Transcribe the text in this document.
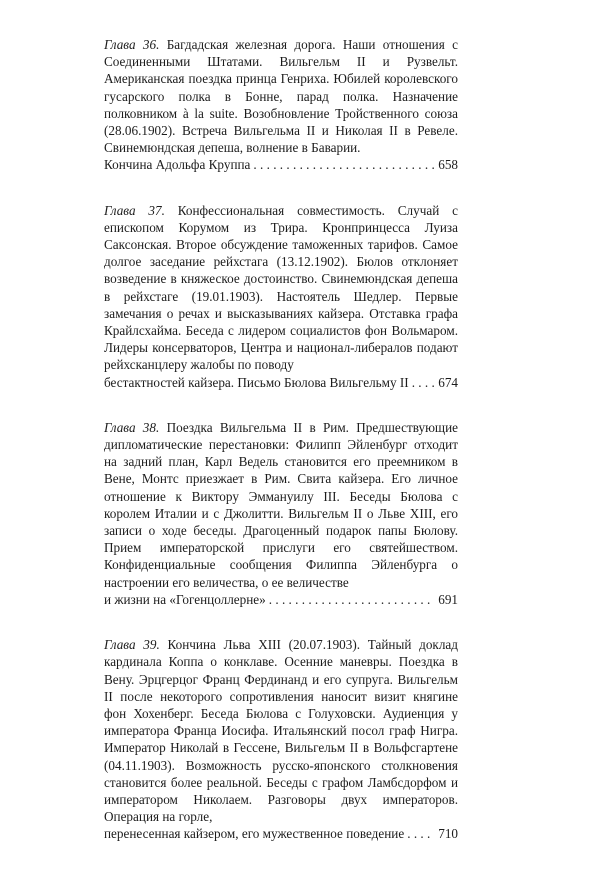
Глава 36. Багдадская железная дорога. Наши отношения с Соединенными Штатами. Вильгельм II и Рузвельт. Американская поездка принца Генриха. Юбилей королевского гусарского полка в Бонне, парад полка. Назначение полковником à la suite. Возобновление Тройственного союза (28.06.1902). Встреча Вильгельма II и Николая II в Ревеле. Свинемюндская депеша, волнение в Баварии.
Кончина Адольфа Круппа . . .	658
Глава 37. Конфессиональная совместимость. Случай с епископом Корумом из Трира. Кронпринцесса Луиза Саксонская. Второе обсуждение таможенных тарифов. Самое долгое заседание рейхстага (13.12.1902). Бюлов отклоняет возведение в княжеское достоинство. Свинемюндская депеша в рейхстаге (19.01.1903). Настоятель Шедлер. Первые замечания о речах и высказываниях кайзера. Отставка графа Крайлсхайма. Беседа с лидером социалистов фон Вольмаром. Лидеры консерваторов, Центра и национал-либералов подают рейхсканцлеру жалобы по поводу
бестактностей кайзера. Письмо Бюлова Вильгельму II . . .	674
Глава 38. Поездка Вильгельма II в Рим. Предшествующие дипломатические перестановки: Филипп Эйленбург отходит на задний план, Карл Ведель становится его преемником в Вене, Монтс приезжает в Рим. Свита кайзера. Его личное отношение к Виктору Эммануилу III. Беседы Бюлова с королем Италии и с Джолитти. Вильгельм II о Льве XIII, его записи о ходе беседы. Драгоценный подарок папы Бюлову. Прием императорской прислуги его святейшеством. Конфиденциальные сообщения Филиппа Эйленбурга о настроении его величества, о ее величестве
и жизни на «Гогенцоллерне» . . .	691
Глава 39. Кончина Льва XIII (20.07.1903). Тайный доклад кардинала Коппа о конклаве. Осенние маневры. Поездка в Вену. Эрцгерцог Франц Фердинанд и его супруга. Вильгельм II после некоторого сопротивления наносит визит княгине фон Хохенберг. Беседа Бюлова с Голуховски. Аудиенция у императора Франца Иосифа. Итальянский посол граф Нигра. Император Николай в Гессене, Вильгельм II в Вольфсгартене (04.11.1903). Возможность русско-японского столкновения становится более реальной. Беседы с графом Ламбсдорфом и императором Николаем. Разговоры двух императоров. Операция на горле,
перенесенная кайзером, его мужественное поведение . . .	710
